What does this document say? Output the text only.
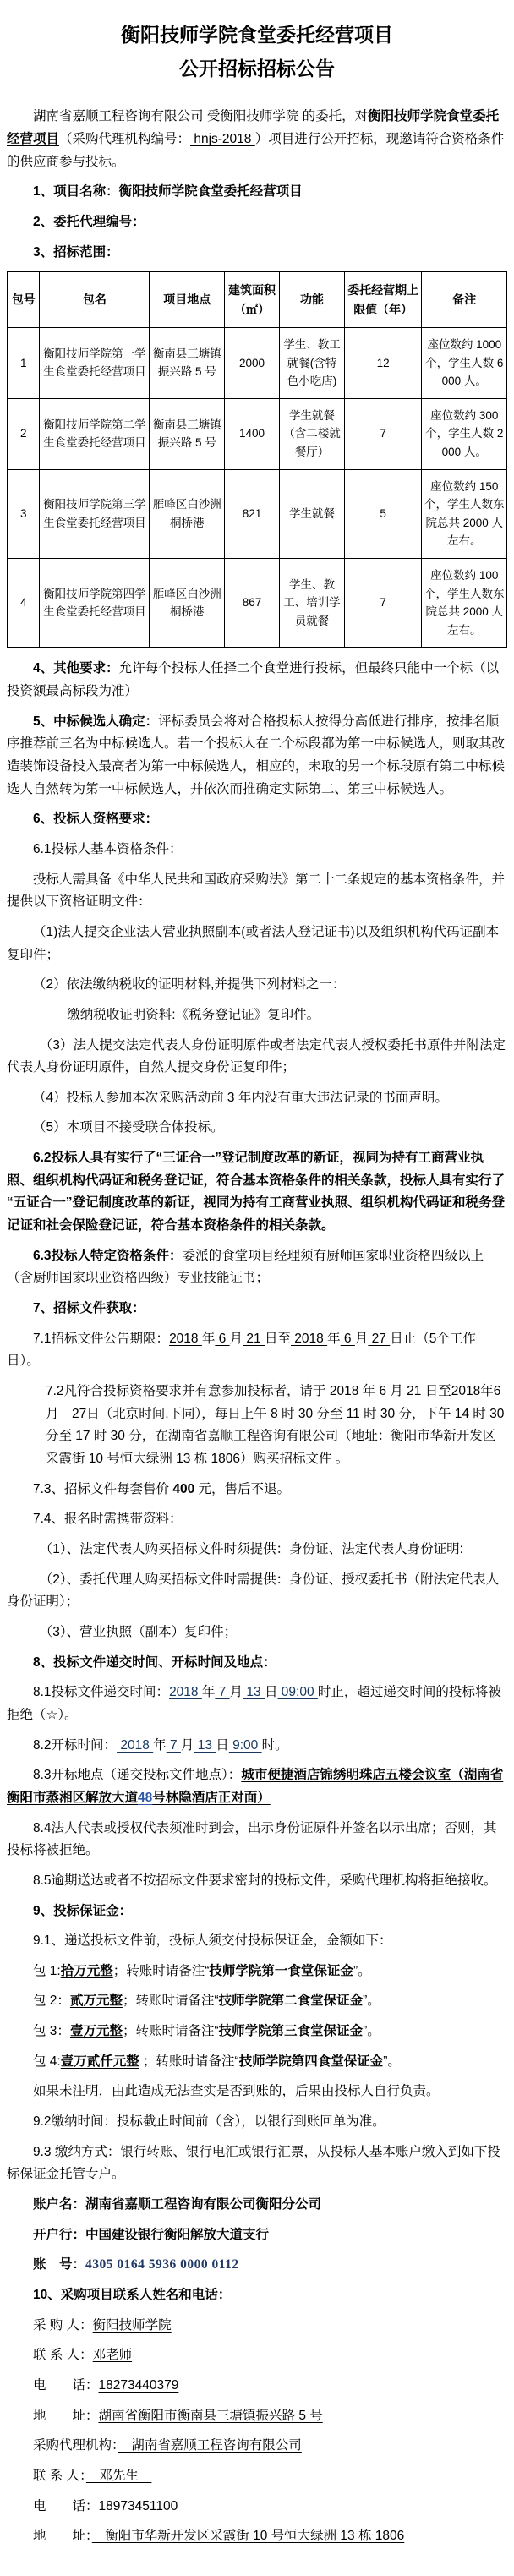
衡阳技师学院食堂委托经营项目
公开招标招标公告

湖南省嘉顺工程咨询有限公司 受衡阳技师学院 的委托，对衡阳技师学院食堂委托经营项目（采购代理机构编号： hnjs-2018 ）项目进行公开招标，现邀请符合资格条件的供应商参与投标。

1、项目名称：衡阳技师学院食堂委托经营项目

2、委托代理编号：

3、招标范围：

包号	包名	项目地点	建筑面积（㎡）	功能	委托经营期上限值（年）	备注
1	衡阳技师学院第一学生食堂委托经营项目	衡南县三塘镇振兴路 5 号	2000	学生、教工就餐(含特色小吃店)	12	座位数约 1000 个，学生人数 6000 人。
2	衡阳技师学院第二学生食堂委托经营项目	衡南县三塘镇振兴路 5 号	1400	学生就餐（含二楼就餐厅）	7	座位数约 300 个，学生人数 2000 人。
3	衡阳技师学院第三学生食堂委托经营项目	雁峰区白沙洲桐桥港	821	学生就餐	5	座位数约 150 个，学生人数东院总共 2000 人左右。
4	衡阳技师学院第四学生食堂委托经营项目	雁峰区白沙洲桐桥港	867	学生、教工、培训学员就餐	7	座位数约 100 个，学生人数东院总共 2000 人左右。

4、其他要求：允许每个投标人任择二个食堂进行投标，但最终只能中一个标（以投资额最高标段为准）

5、中标候选人确定：评标委员会将对合格投标人按得分高低进行排序，按排名顺序推荐前三名为中标候选人。若一个投标人在二个标段都为第一中标候选人，则取其改造装饰设备投入最高者为第一中标候选人，相应的，未取的另一个标段原有第二中标候选人自然转为第一中标候选人，并依次而推确定实际第二、第三中标候选人。

6、投标人资格要求：

6.1投标人基本资格条件：

投标人需具备《中华人民共和国政府采购法》第二十二条规定的基本资格条件，并提供以下资格证明文件：

（1)法人提交企业法人营业执照副本(或者法人登记证书)以及组织机构代码证副本复印件；

（2）依法缴纳税收的证明材料,并提供下列材料之一：

缴纳税收证明资料:《税务登记证》复印件。

（3）法人提交法定代表人身份证明原件或者法定代表人授权委托书原件并附法定代表人身份证明原件，自然人提交身份证复印件；

（4）投标人参加本次采购活动前 3 年内没有重大违法记录的书面声明。

（5）本项目不接受联合体投标。

6.2投标人具有实行了“三证合一”登记制度改革的新证，视同为持有工商营业执照、组织机构代码证和税务登记证，符合基本资格条件的相关条款，投标人具有实行了“五证合一”登记制度改革的新证，视同为持有工商营业执照、组织机构代码证和税务登记证和社会保险登记证，符合基本资格条件的相关条款。

6.3投标人特定资格条件：委派的食堂项目经理须有厨师国家职业资格四级以上（含厨师国家职业资格四级）专业技能证书；

7、招标文件获取：

7.1招标文件公告期限：2018 年 6 月 21 日至 2018 年 6 月 27 日止（5个工作日）。

7.2凡符合投标资格要求并有意参加投标者，请于 2018 年 6 月 21 日至2018年6 月　27日（北京时间,下同），每日上午 8 时 30 分至 11 时 30 分，下午 14 时 30 分至 17 时 30 分，在湖南省嘉顺工程咨询有限公司（地址：衡阳市华新开发区采霞街 10 号恒大绿洲 13 栋 1806）购买招标文件 。

7.3、招标文件每套售价 400 元，售后不退。

7.4、报名时需携带资料：

（1）、法定代表人购买招标文件时须提供：身份证、法定代表人身份证明:

（2）、委托代理人购买招标文件时需提供：身份证、授权委托书（附法定代表人身份证明）；

（3）、营业执照（副本）复印件；

8、投标文件递交时间、开标时间及地点：

8.1投标文件递交时间：2018 年 7 月 13 日 09:00 时止，超过递交时间的投标将被拒绝（☆）。

8.2开标时间： 2018 年 7 月 13 日 9:00 时。

8.3开标地点（递交投标文件地点）：城市便捷酒店锦绣明珠店五楼会议室（湖南省衡阳市蒸湘区解放大道48号林隐酒店正对面）

8.4法人代表或授权代表须准时到会，出示身份证原件并签名以示出席；否则，其投标将被拒绝。

8.5逾期送达或者不按招标文件要求密封的投标文件，采购代理机构将拒绝接收。

9、投标保证金：

9.1、递送投标文件前，投标人须交付投标保证金，金额如下：

包 1:拾万元整；转账时请备注“技师学院第一食堂保证金”。

包 2：贰万元整；转账时请备注“技师学院第二食堂保证金”。

包 3：壹万元整；转账时请备注“技师学院第三食堂保证金”。

包 4:壹万贰仟元整 ；转账时请备注“技师学院第四食堂保证金”。

如果未注明，由此造成无法查实是否到账的，后果由投标人自行负责。

9.2缴纳时间：投标截止时间前（含），以银行到账回单为准。

9.3 缴纳方式：银行转账、银行电汇或银行汇票，从投标人基本账户缴入到如下投标保证金托管专户。

账户名：湖南省嘉顺工程咨询有限公司衡阳分公司

开户行：中国建设银行衡阳解放大道支行

账　号：4305 0164 5936 0000 0112

10、采购项目联系人姓名和电话：

采 购 人：衡阳技师学院

联 系 人：邓老师

电　　话：18273440379

地　　址：湖南省衡阳市衡南县三塘镇振兴路 5 号

采购代理机构：　湖南省嘉顺工程咨询有限公司

联 系 人：　邓先生　

电　　话：18973451100　

地　　址：　衡阳市华新开发区采霞街 10 号恒大绿洲 13 栋 1806
